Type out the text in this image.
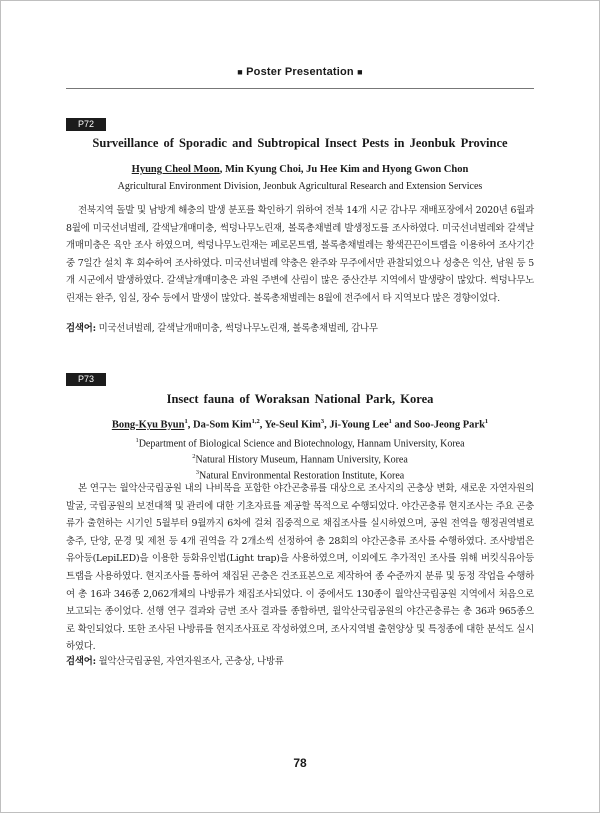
■ Poster Presentation ■
P72
Surveillance of Sporadic and Subtropical Insect Pests in Jeonbuk Province
Hyung Cheol Moon, Min Kyung Choi, Ju Hee Kim and Hyong Gwon Chon
Agricultural Environment Division, Jeonbuk Agricultural Research and Extension Services
전북지역 돌발 및 남방계 해충의 발생 분포를 확인하기 위하여 전북 14개 시군 감나무 재배포장에서 2020년 6월과 8월에 미국선녀벌레, 갈색날개매미충, 썩덩나무노린재, 볼록총채벌레 발생정도를 조사하였다. 미국선녀벌레와 갈색날개매미충은 육안 조사 하였으며, 썩덩나무노린재는 페로몬트랩, 볼록총채벌레는 황색끈끈이트랩을 이용하여 조사기간 중 7일간 설치 후 회수하여 조사하였다. 미국선녀벌레 약충은 완주와 무주에서만 관찰되었으나 성충은 익산, 남원 등 5개 시군에서 발생하였다. 갈색날개매미충은 과원 주변에 산림이 많은 중산간부 지역에서 발생량이 많았다. 썩덩나무노린재는 완주, 임실, 장수 등에서 발생이 많았다. 볼록총채벌레는 8월에 전주에서 타 지역보다 많은 경향이었다.
검색어: 미국선녀벌레, 갈색날개매미충, 썩덩나무노린재, 볼록총채벌레, 감나무
P73
Insect fauna of Woraksan National Park, Korea
Bong-Kyu Byun$^1$, Da-Som Kim$^{1,2}$, Ye-Seul Kim$^3$, Ji-Young Lee$^1$ and Soo-Jeong Park$^1$
$^1$Department of Biological Science and Biotechnology, Hannam University, Korea
$^2$Natural History Museum, Hannam University, Korea
$^3$Natural Environmental Restoration Institute, Korea
본 연구는 월악산국립공원 내의 나비목을 포함한 야간곤충류를 대상으로 조사지의 곤충상 변화, 새로운 자연자원의 발굴, 국립공원의 보전대책 및 관리에 대한 기초자료를 제공할 목적으로 수행되었다. 야간곤충류 현지조사는 주요 곤충류가 출현하는 시기인 5월부터 9월까지 6차에 걸쳐 집중적으로 채집조사를 실시하였으며, 공원 전역을 행정권역별로 충주, 단양, 문경 및 제천 등 4개 권역을 각 2개소씩 선정하여 총 28회의 야간곤충류 조사를 수행하였다. 조사방법은 유아등(LepiLED)을 이용한 등화유인법(Light trap)을 사용하였으며, 이외에도 추가적인 조사를 위해 버킷식유아등트랩을 사용하였다. 현지조사를 통하여 채집된 곤충은 건조표본으로 제작하여 종 수준까지 분류 및 동정 작업을 수행하여 총 16과 346종 2,062개체의 나방류가 채집조사되었다. 이 중에서도 130종이 월악산국립공원 지역에서 처음으로 보고되는 종이었다. 선행 연구 결과와 금번 조사 결과를 종합하면, 월악산국립공원의 야간곤충류는 총 36과 965종으로 확인되었다. 또한 조사된 나방류를 현지조사표로 작성하였으며, 조사지역별 출현양상 및 특정종에 대한 분석도 실시하였다.
검색어: 월악산국립공원, 자연자원조사, 곤충상, 나방류
78
